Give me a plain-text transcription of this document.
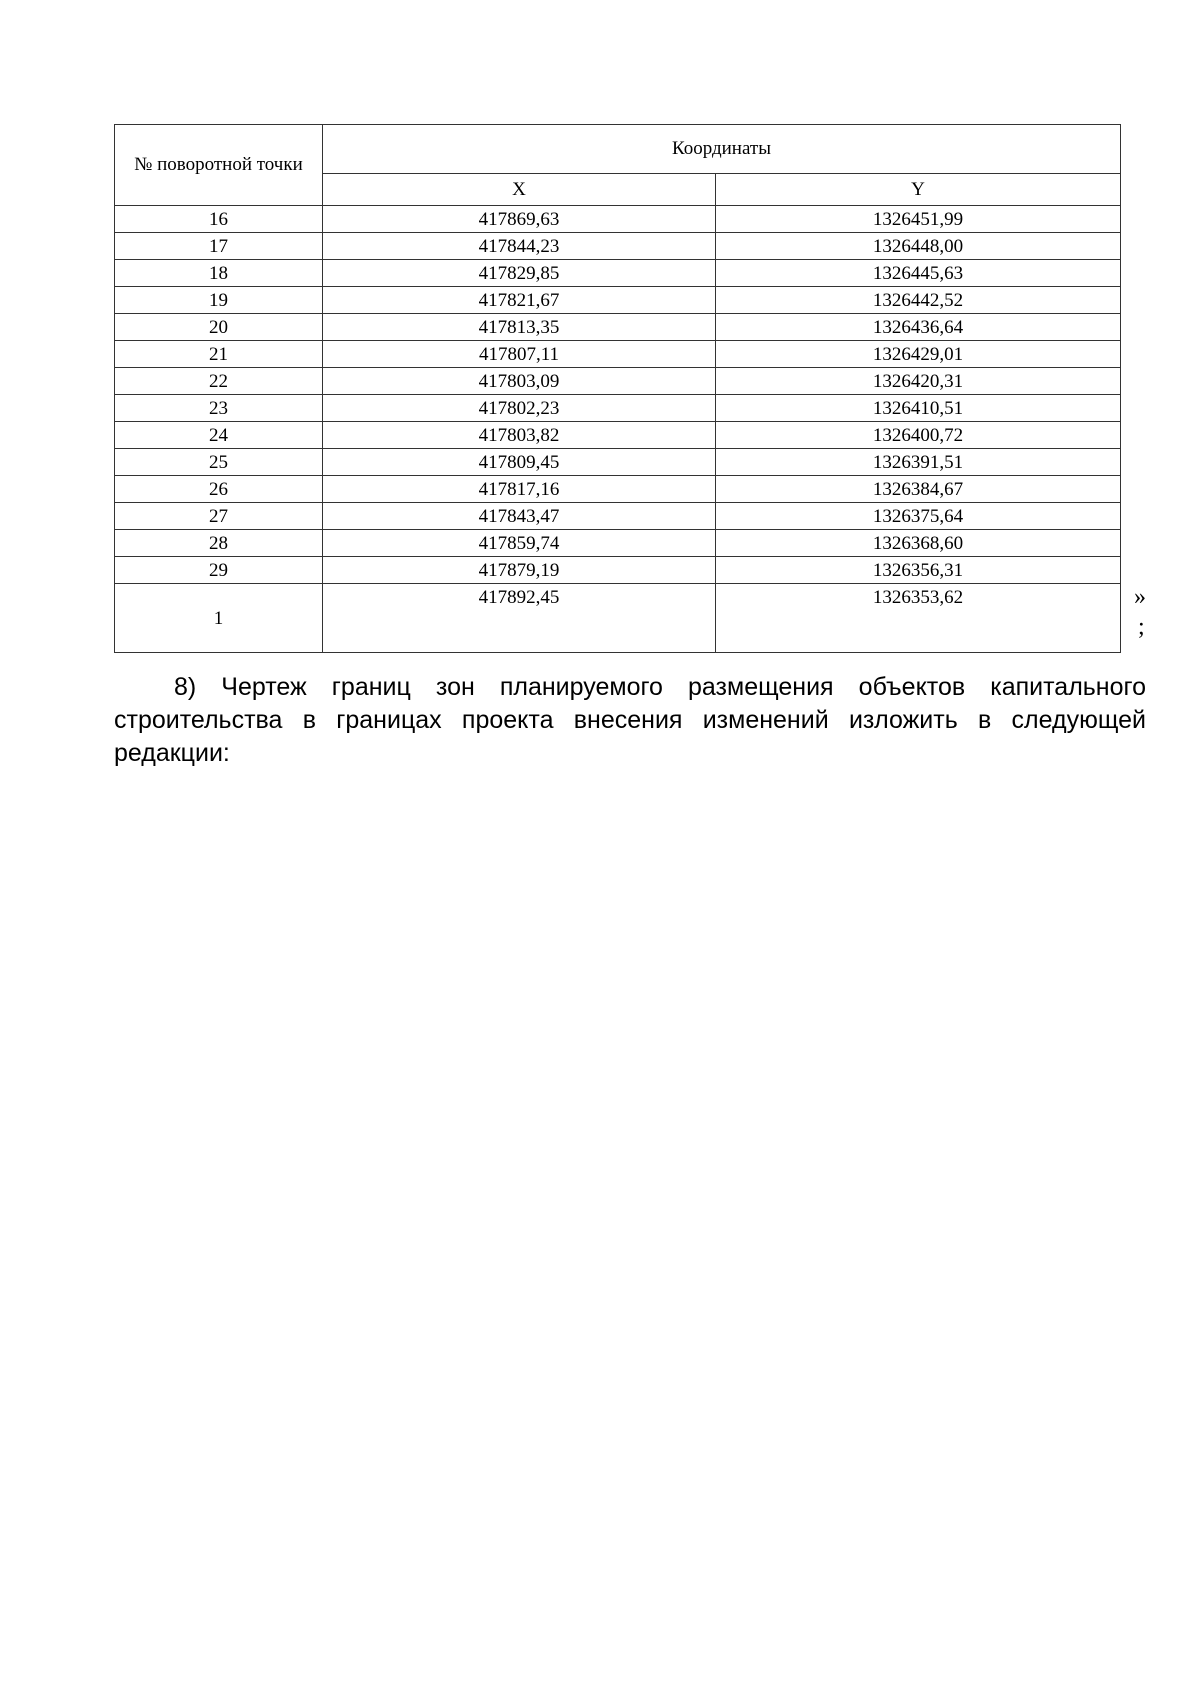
№ поворотной точки	Координаты	
	X	Y
16	417869,63	1326451,99
17	417844,23	1326448,00
18	417829,85	1326445,63
19	417821,67	1326442,52
20	417813,35	1326436,64
21	417807,11	1326429,01
22	417803,09	1326420,31
23	417802,23	1326410,51
24	417803,82	1326400,72
25	417809,45	1326391,51
26	417817,16	1326384,67
27	417843,47	1326375,64
28	417859,74	1326368,60
29	417879,19	1326356,31
1	417892,45	1326353,62	»
;

8) Чертеж границ зон планируемого размещения объектов капитального строительства в границах проекта внесения изменений изложить в следующей редакции:
